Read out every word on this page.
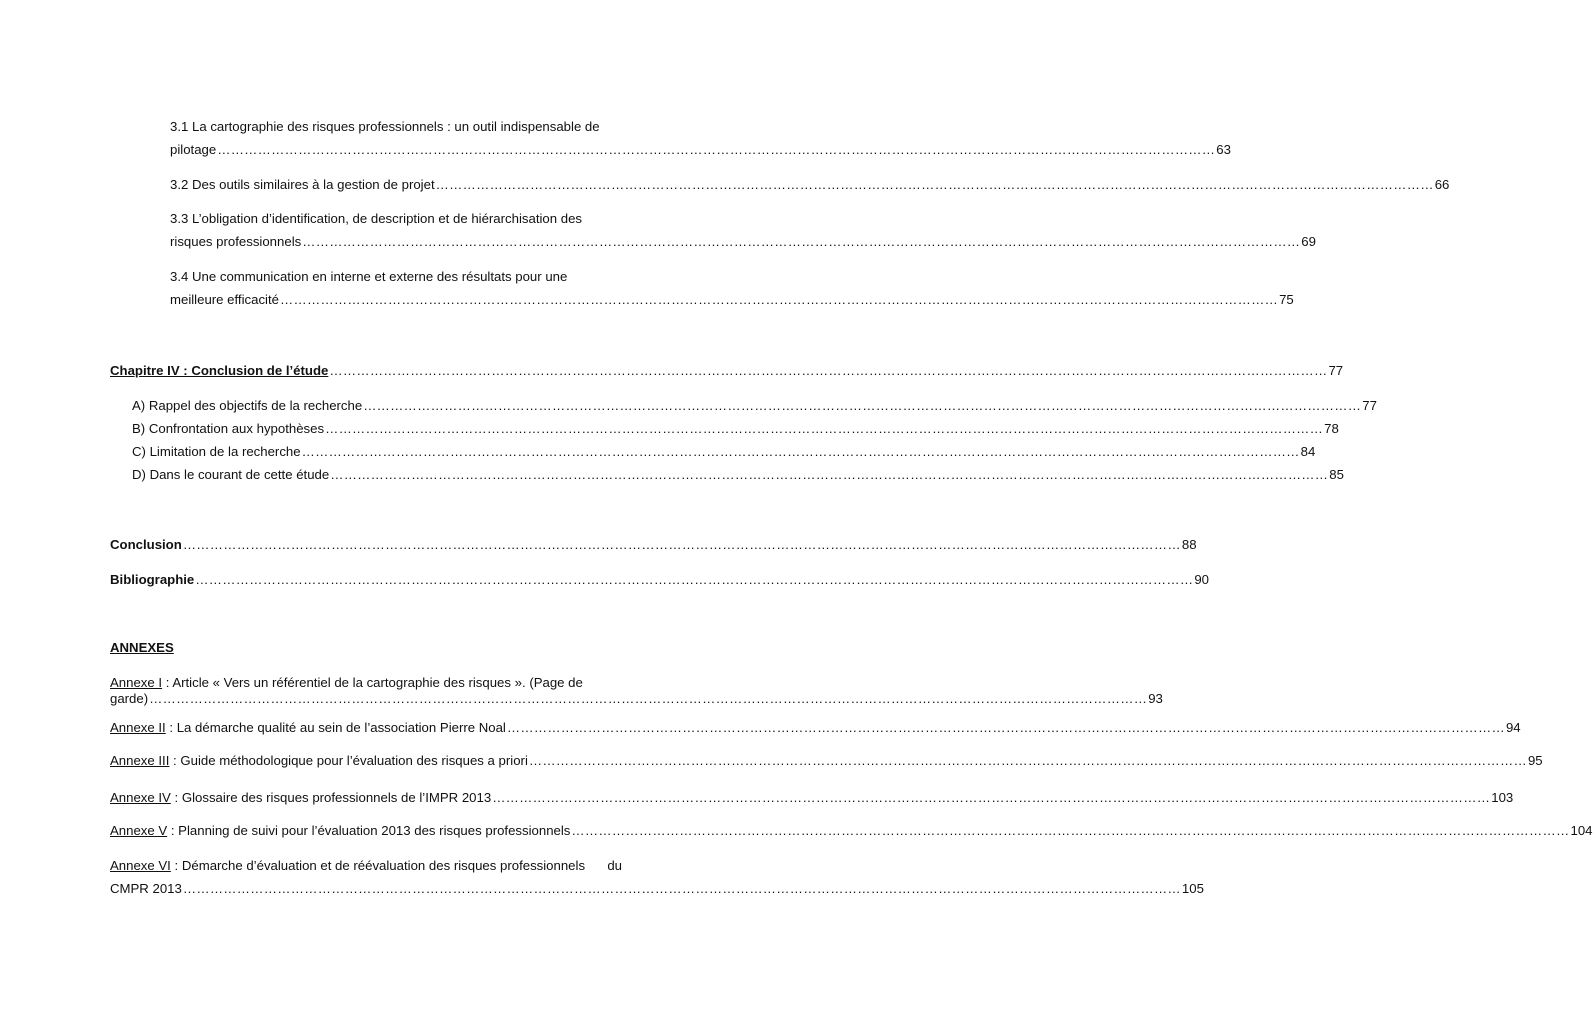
3.1 La cartographie des risques professionnels : un outil indispensable de
pilotage …………………………………………………………………………………………………………………………………………………………………………………………………… 63
3.2 Des outils similaires à la gestion de projet …………………………………………………………………………………………………………………………………………………………………………………………………… 66
3.3 L’obligation d’identification, de description et de hiérarchisation des
risques professionnels …………………………………………………………………………………………………………………………………………………………………………………………………… 69
3.4 Une communication en interne et externe des résultats pour une
meilleure efficacité …………………………………………………………………………………………………………………………………………………………………………………………………… 75
Chapitre IV : Conclusion de l’étude …………………………………………………………………………………………………………………………………………………………………………………………………… 77
A) Rappel des objectifs de la recherche …………………………………………………………………………………………………………………………………………………………………………………………………… 77
B) Confrontation aux hypothèses …………………………………………………………………………………………………………………………………………………………………………………………………… 78
C) Limitation de la recherche …………………………………………………………………………………………………………………………………………………………………………………………………… 84
D) Dans le courant de cette étude …………………………………………………………………………………………………………………………………………………………………………………………………… 85
Conclusion …………………………………………………………………………………………………………………………………………………………………………………………………… 88
Bibliographie …………………………………………………………………………………………………………………………………………………………………………………………………… 90
ANNEXES
Annexe I : Article « Vers un référentiel de la cartographie des risques ». (Page de
garde) …………………………………………………………………………………………………………………………………………………………………………………………………… 93
Annexe II : La démarche qualité au sein de l’association Pierre Noal …………………………………………………………………………………………………………………………………………………………………………………………………… 94
Annexe III : Guide méthodologique pour l’évaluation des risques a priori …………………………………………………………………………………………………………………………………………………………………………………………………… 95
Annexe IV : Glossaire des risques professionnels de l’IMPR 2013 …………………………………………………………………………………………………………………………………………………………………………………………………… 103
Annexe V : Planning de suivi pour l’évaluation 2013 des risques professionnels …………………………………………………………………………………………………………………………………………………………………………………………………… 104
Annexe VI : Démarche d’évaluation et de réévaluation des risques professionnels du
CMPR 2013 …………………………………………………………………………………………………………………………………………………………………………………………………… 105
